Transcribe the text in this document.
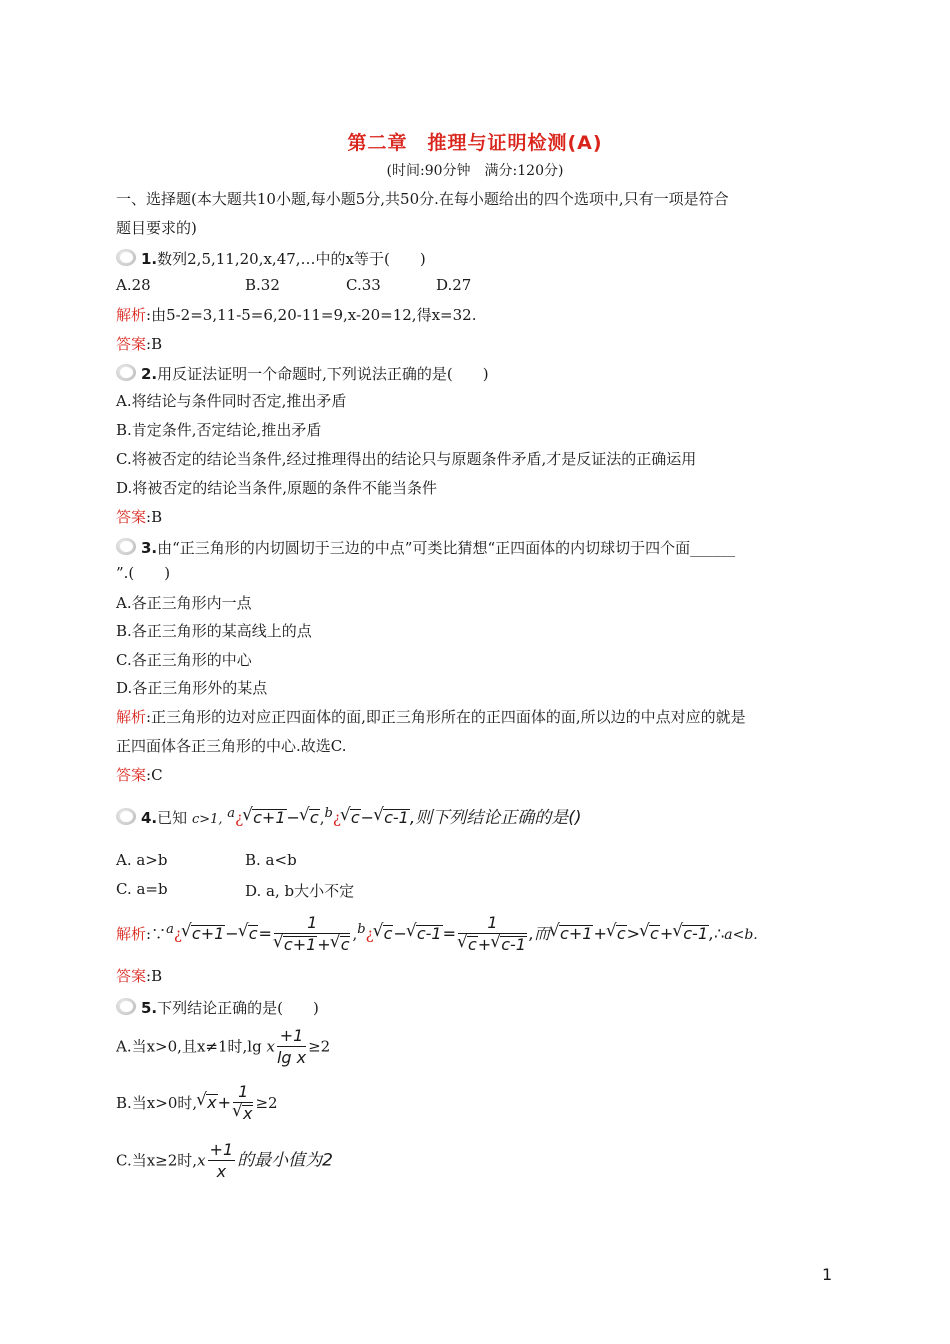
第二章　推理与证明检测(A)
(时间:90分钟　满分:120分)
一、选择题(本大题共10小题,每小题5分,共50分.在每小题给出的四个选项中,只有一项是符合
题目要求的)
1.数列2,5,11,20,x,47,…中的x等于(　　)
A.28	B.32	C.33	D.27
解析:由5-2=3,11-5=6,20-11=9,x-20=12,得x=32.
答案:B
2.用反证法证明一个命题时,下列说法正确的是(　　)
A.将结论与条件同时否定,推出矛盾
B.肯定条件,否定结论,推出矛盾
C.将被否定的结论当条件,经过推理得出的结论只与原题条件矛盾,才是反证法的正确运用
D.将被否定的结论当条件,原题的条件不能当条件
答案:B
3.由“正三角形的内切圆切于三边的中点”可类比猜想“正四面体的内切球切于四个面______
”.(　　)
A.各正三角形内一点
B.各正三角形的某高线上的点
C.各正三角形的中心
D.各正三角形外的某点
解析:正三角形的边对应正四面体的面,即正三角形所在的正四面体的面,所以边的中点对应的就是
正四面体各正三角形的中心.故选C.
答案:C
4.已知 c>1, a¿ √ c+1− √ c,b¿ √ c− √ c-1,则下列结论正确的是()
A. a>b	B. a<b
C. a=b	D. a, b大小不定
解析:∵a¿ √ c+1− √ c= 1
√ c+1+ √ c ,b¿ √ c− √ c-1= 1
√ c+ √ c-1 ,而 √ c+1+ √ c> √ c+ √ c-1,∴a<b.
答案:B
5.下列结论正确的是(　　)
A.当x>0,且x≠1时,lg x $\frac{+1}{\text{lg x}} \ge 2$
B.当x>0时, √ x+ 1
√ x ≥2
C.当x≥2时$,x \frac{+1}{x}$ 的最小值为2
1
